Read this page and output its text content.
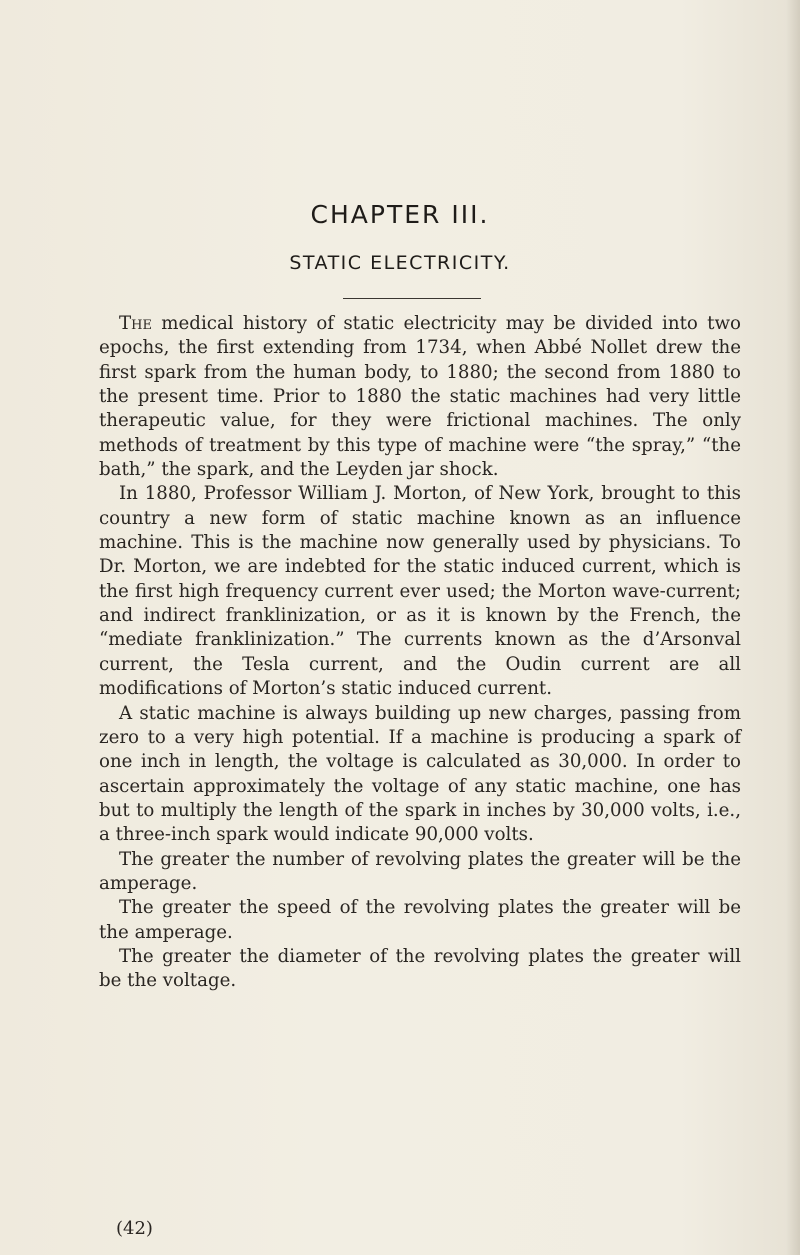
CHAPTER III.
STATIC ELECTRICITY.

The medical history of static electricity may be divided into two epochs, the first extending from 1734, when Abbé Nollet drew the first spark from the human body, to 1880; the second from 1880 to the present time. Prior to 1880 the static machines had very little therapeutic value, for they were frictional machines. The only methods of treatment by this type of machine were “the spray,” “the bath,” the spark, and the Leyden jar shock.

In 1880, Professor William J. Morton, of New York, brought to this country a new form of static machine known as an influence machine. This is the machine now generally used by physicians. To Dr. Morton, we are indebted for the static induced current, which is the first high frequency current ever used; the Morton wave-current; and indirect franklinization, or as it is known by the French, the “mediate franklinization.” The currents known as the d’Arsonval current, the Tesla current, and the Oudin current are all modifications of Morton’s static induced current.

A static machine is always building up new charges, passing from zero to a very high potential. If a machine is producing a spark of one inch in length, the voltage is calculated as 30,000. In order to ascertain approximately the voltage of any static machine, one has but to multiply the length of the spark in inches by 30,000 volts, i.e., a three-inch spark would indicate 90,000 volts.

The greater the number of revolving plates the greater will be the amperage.

The greater the speed of the revolving plates the greater will be the amperage.

The greater the diameter of the revolving plates the greater will be the voltage.

(42)
